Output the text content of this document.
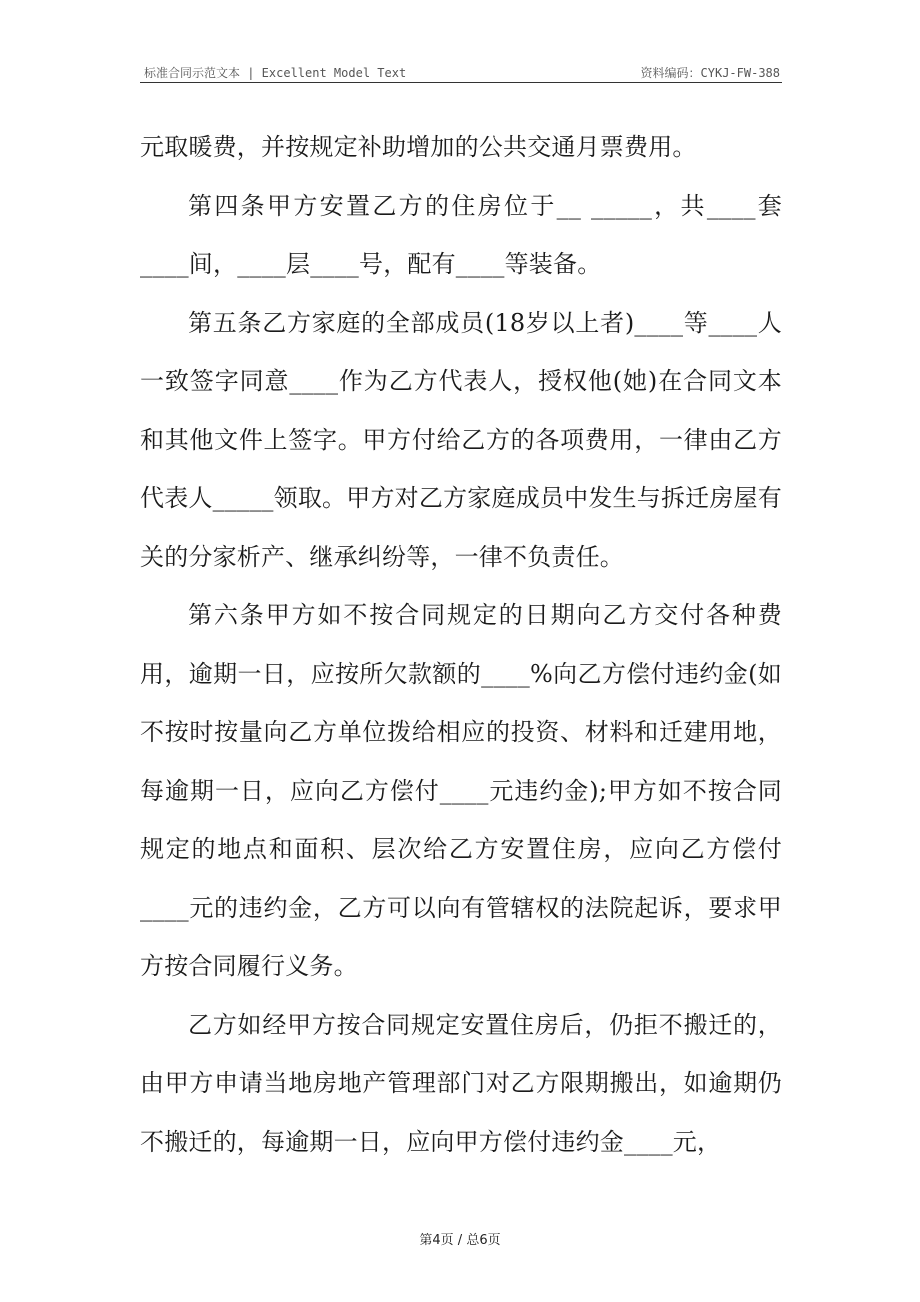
标准合同示范文本 | Excellent Model Text	资料编码：CYKJ-FW-388

元取暖费，并按规定补助增加的公共交通月票费用。

第四条甲方安置乙方的住房位于__ _____，共____套____间，____层____号，配有____等装备。

第五条乙方家庭的全部成员(18岁以上者)____等____人一致签字同意____作为乙方代表人，授权他(她)在合同文本和其他文件上签字。甲方付给乙方的各项费用，一律由乙方代表人_____领取。甲方对乙方家庭成员中发生与拆迁房屋有关的分家析产、继承纠纷等，一律不负责任。

第六条甲方如不按合同规定的日期向乙方交付各种费用，逾期一日，应按所欠款额的____%向乙方偿付违约金(如不按时按量向乙方单位拨给相应的投资、材料和迁建用地，每逾期一日，应向乙方偿付____元违约金);甲方如不按合同规定的地点和面积、层次给乙方安置住房，应向乙方偿付____元的违约金，乙方可以向有管辖权的法院起诉，要求甲方按合同履行义务。

乙方如经甲方按合同规定安置住房后，仍拒不搬迁的，由甲方申请当地房地产管理部门对乙方限期搬出，如逾期仍不搬迁的，每逾期一日，应向甲方偿付违约金____元，

第4页 / 总6页
